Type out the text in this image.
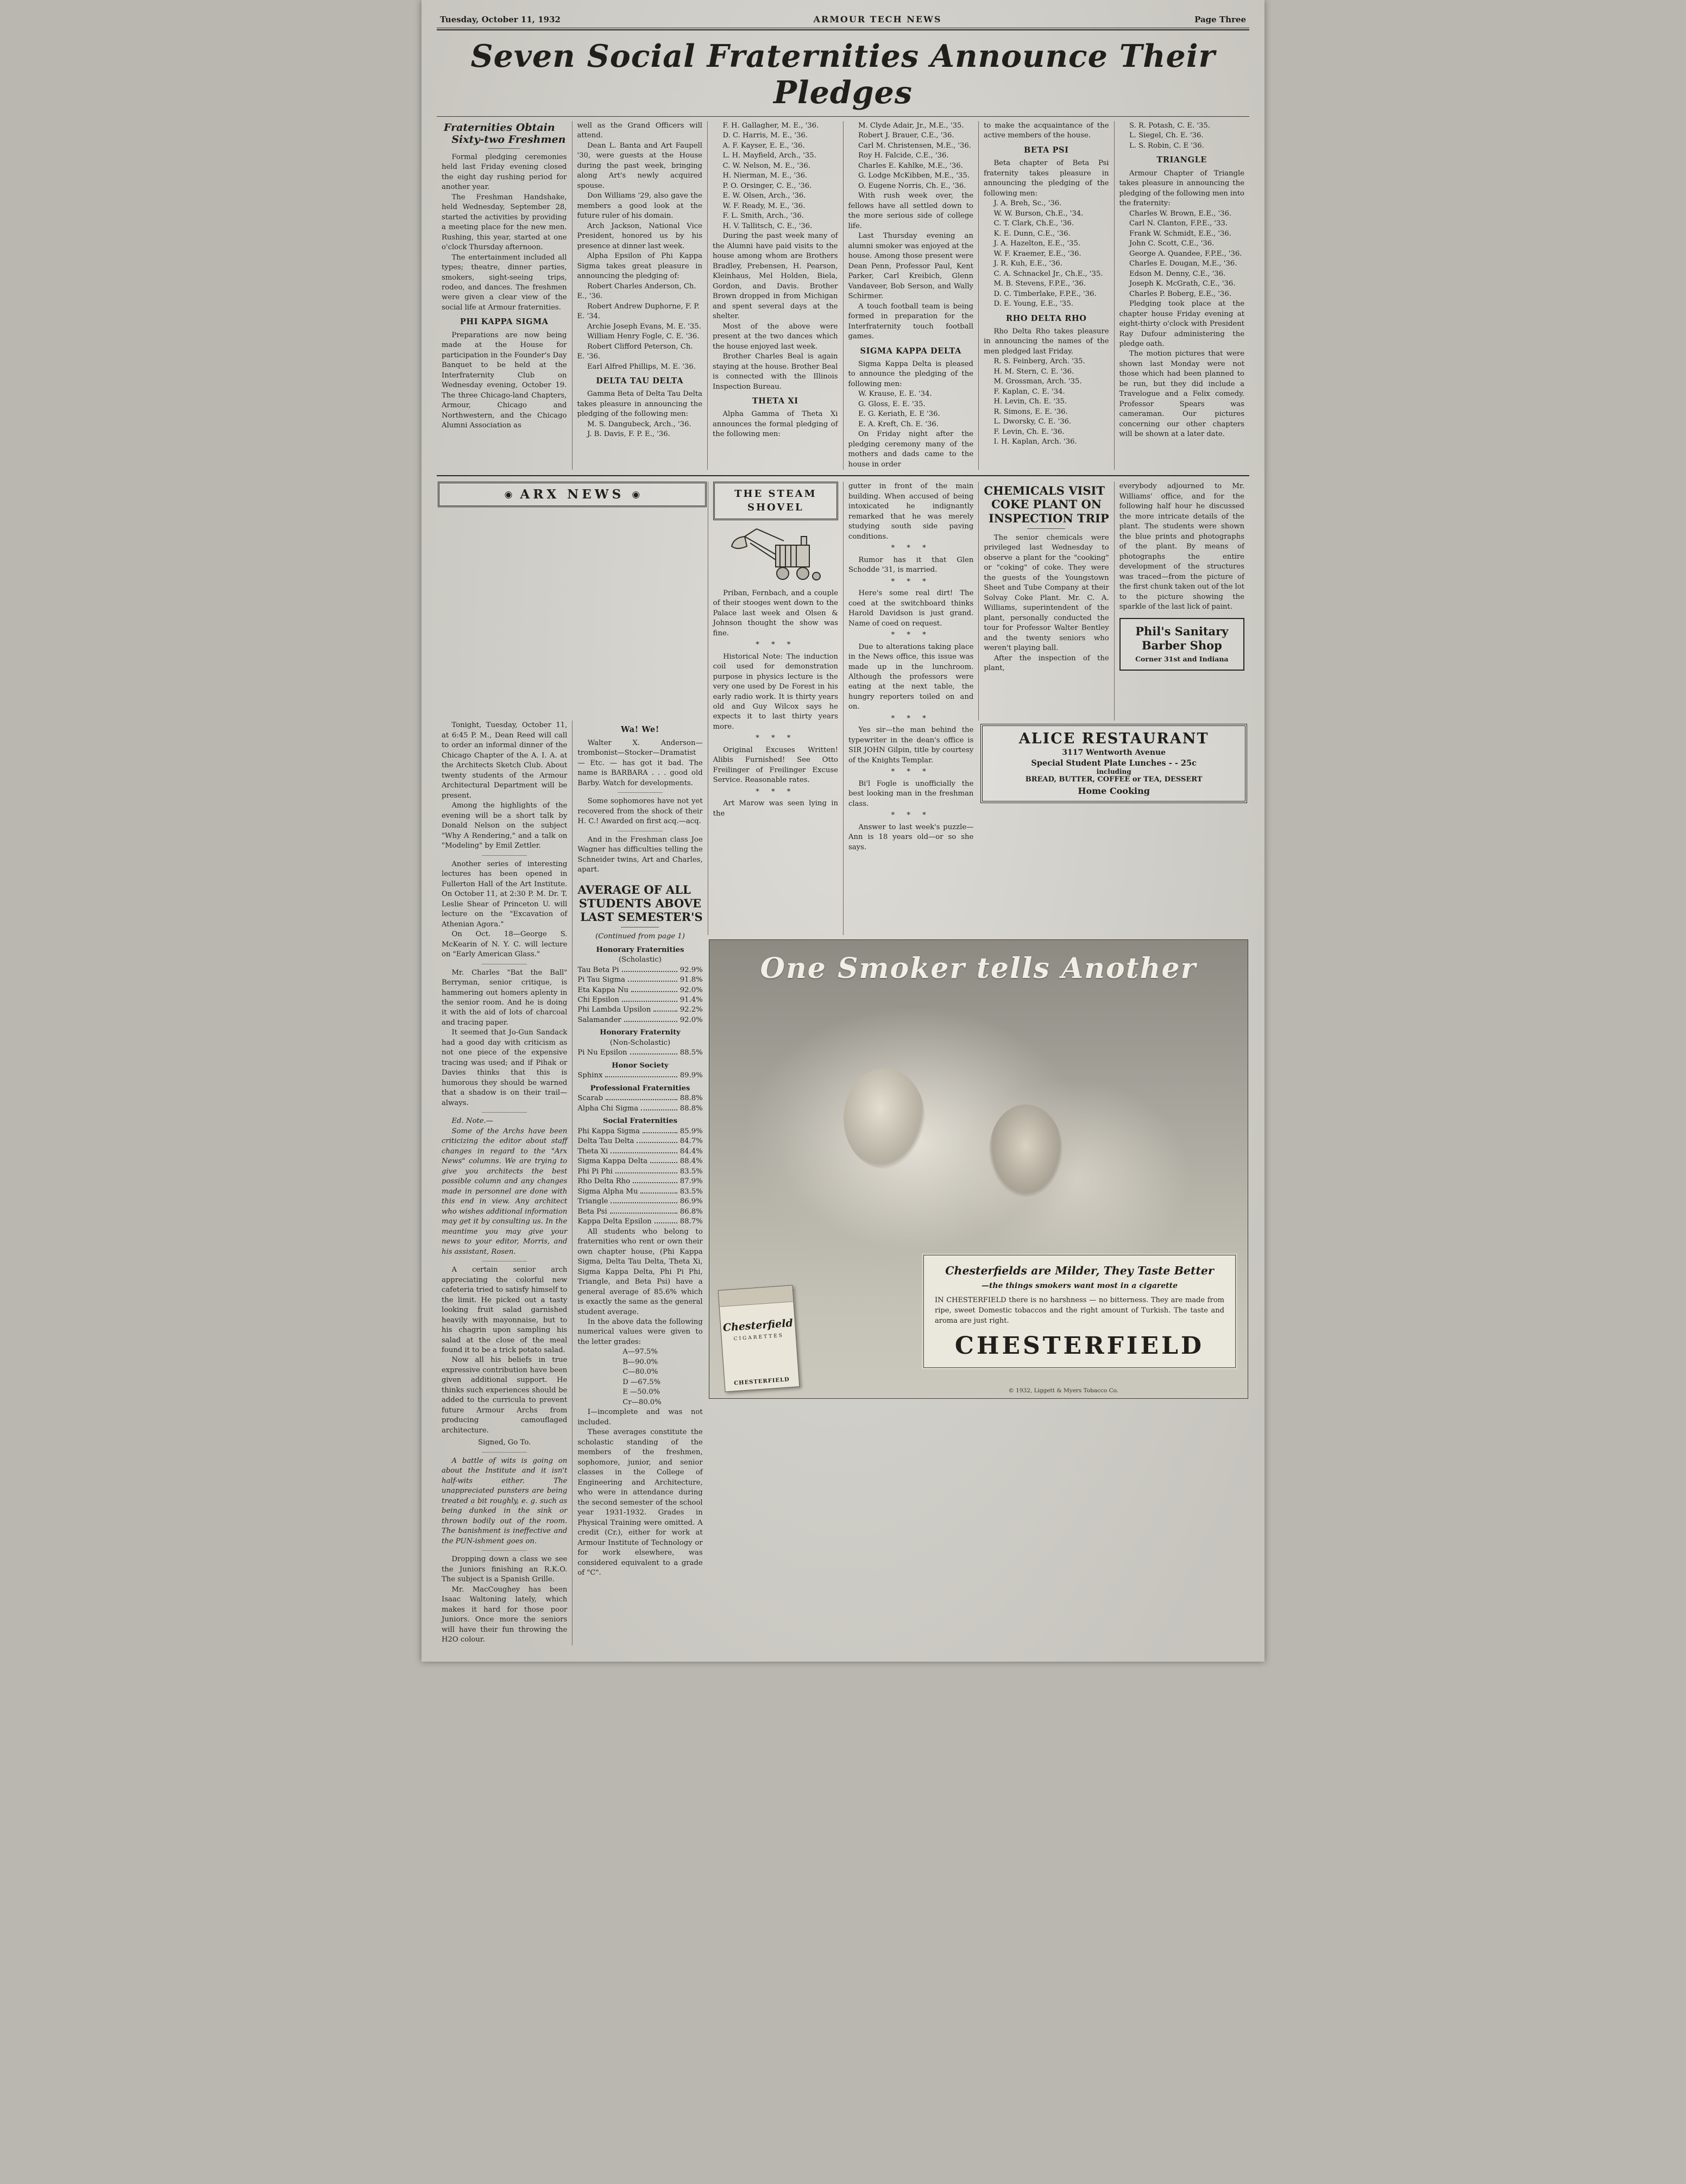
Tuesday, October 11, 1932	ARMOUR TECH NEWS	Page Three
Seven Social Fraternities Announce Their Pledges
Fraternities Obtain
Sixty-two Freshmen

Formal pledging ceremonies held last Friday evening closed the eight day rushing period for another year.

The Freshman Handshake, held Wednesday, September 28, started the activities by providing a meeting place for the new men. Rushing, this year, started at one o'clock Thursday afternoon.

The entertainment included all types; theatre, dinner parties, smokers, sight-seeing trips, rodeo, and dances. The freshmen were given a clear view of the social life at Armour fraternities.

PHI KAPPA SIGMA

Preparations are now being made at the House for participation in the Founder's Day Banquet to be held at the Interfraternity Club on Wednesday evening, October 19. The three Chicago-land Chapters, Armour, Chicago and Northwestern, and the Chicago Alumni Association as

well as the Grand Officers will attend.

Dean L. Banta and Art Faupell '30, were guests at the House during the past week, bringing along Art's newly acquired spouse.

Don Williams '29, also gave the members a good look at the future ruler of his domain.

Arch Jackson, National Vice President, honored us by his presence at dinner last week.

Alpha Epsilon of Phi Kappa Sigma takes great pleasure in announcing the pledging of:

Robert Charles Anderson, Ch. E., '36.

Robert Andrew Duphorne, F. P. E. '34.

Archie Joseph Evans, M. E. '35.

William Henry Fogle, C. E. '36.

Robert Clifford Peterson, Ch. E. '36.

Earl Alfred Phillips, M. E. '36.

DELTA TAU DELTA

Gamma Beta of Delta Tau Delta takes pleasure in announcing the pledging of the following men:

M. S. Dangubeck, Arch., '36.

J. B. Davis, F. P. E., '36.

F. H. Gallagher, M. E., '36.

D. C. Harris, M. E., '36.

A. F. Kayser, E. E., '36.

L. H. Mayfield, Arch., '35.

C. W. Nelson, M. E., '36.

H. Nierman, M. E., '36.

P. O. Orsinger, C. E., '36.

E. W. Olsen, Arch., '36.

W. F. Ready, M. E., '36.

F. L. Smith, Arch., '36.

H. V. Tallitsch, C. E., '36.

During the past week many of the Alumni have paid visits to the house among whom are Brothers Bradley, Prebensen, H. Pearson, Kleinhaus, Mel Holden, Biela, Gordon, and Davis. Brother Brown dropped in from Michigan and spent several days at the shelter.

Most of the above were present at the two dances which the house enjoyed last week.

Brother Charles Beal is again staying at the house. Brother Beal is connected with the Illinois Inspection Bureau.

THETA XI

Alpha Gamma of Theta Xi announces the formal pledging of the following men:

M. Clyde Adair, Jr., M.E., '35.

Robert J. Brauer, C.E., '36.

Carl M. Christensen, M.E., '36.

Roy H. Falcide, C.E., '36.

Charles E. Kahlke, M.E., '36.

G. Lodge McKibben, M.E., '35.

O. Eugene Norris, Ch. E., '36.

With rush week over, the fellows have all settled down to the more serious side of college life.

Last Thursday evening an alumni smoker was enjoyed at the house. Among those present were Dean Penn, Professor Paul, Kent Parker, Carl Kreibich, Glenn Vandaveer, Bob Serson, and Wally Schirmer.

A touch football team is being formed in preparation for the Interfraternity touch football games.

SIGMA KAPPA DELTA

Sigma Kappa Delta is pleased to announce the pledging of the following men:

W. Krause, E. E. '34.

G. Gloss, E. E. '35.

E. G. Keriath, E. E '36.

E. A. Kreft, Ch. E. '36.

On Friday night after the pledging ceremony many of the mothers and dads came to the house in order

to make the acquaintance of the active members of the house.

BETA PSI

Beta chapter of Beta Psi fraternity takes pleasure in announcing the pledging of the following men:

J. A. Breh, Sc., '36.

W. W. Burson, Ch.E., '34.

C. T. Clark, Ch.E., '36.

K. E. Dunn, C.E., '36.

J. A. Hazelton, E.E., '35.

W. F. Kraemer, E.E., '36.

J. R. Kuh, E.E., '36.

C. A. Schnackel Jr., Ch.E., '35.

M. B. Stevens, F.P.E., '36.

D. C. Timberlake, F.P.E., '36.

D. E. Young, E.E., '35.

RHO DELTA RHO

Rho Delta Rho takes pleasure in announcing the names of the men pledged last Friday.

R. S. Feinberg, Arch. '35.

H. M. Stern, C. E. '36.

M. Grossman, Arch. '35.

F. Kaplan, C. E. '34.

H. Levin, Ch. E. '35.

R. Simons, E. E. '36.

L. Dworsky, C. E. '36.

F. Levin, Ch. E. '36.

I. H. Kaplan, Arch. '36.

S. R. Potash, C. E. '35.

L. Siegel, Ch. E. '36.

L. S. Robin, C. E '36.

TRIANGLE

Armour Chapter of Triangle takes pleasure in announcing the pledging of the following men into the fraternity:

Charles W. Brown, E.E., '36.

Carl N. Clanton, F.P.E., '33.

Frank W. Schmidt, E.E., '36.

John C. Scott, C.E., '36.

George A. Quandee, F.P.E., '36.

Charles E. Dougan, M.E., '36.

Edson M. Denny, C.E., '36.

Joseph K. McGrath, C.E., '36.

Charles P. Boberg, E.E., '36.

Pledging took place at the chapter house Friday evening at eight-thirty o'clock with President Ray Dufour administering the pledge oath.

The motion pictures that were shown last Monday were not those which had been planned to be run, but they did include a Travelogue and a Felix comedy. Professor Spears was cameraman. Our pictures concerning our other chapters will be shown at a later date.

◉ ARX NEWS ◉

Tonight, Tuesday, October 11, at 6:45 P. M., Dean Reed will call to order an informal dinner of the Chicago Chapter of the A. I. A. at the Architects Sketch Club. About twenty students of the Armour Architectural Department will be present.

Among the highlights of the evening will be a short talk by Donald Nelson on the subject "Why A Rendering," and a talk on "Modeling" by Emil Zettler.

Another series of interesting lectures has been opened in Fullerton Hall of the Art Institute. On October 11, at 2:30 P. M. Dr. T. Leslie Shear of Princeton U. will lecture on the "Excavation of Athenian Agora."

On Oct. 18—George S. McKearin of N. Y. C. will lecture on "Early American Glass."

Mr. Charles "Bat the Ball" Berryman, senior critique, is hammering out homers aplenty in the senior room. And he is doing it with the aid of lots of charcoal and tracing paper.

It seemed that Jo-Gun Sandack had a good day with criticism as not one piece of the expensive tracing was used; and if Pihak or Davies thinks that this is humorous they should be warned that a shadow is on their trail—always.

Ed. Note.—

Some of the Archs have been criticizing the editor about staff changes in regard to the "Arx News" columns. We are trying to give you architects the best possible column and any changes made in personnel are done with this end in view. Any architect who wishes additional information may get it by consulting us. In the meantime you may give your news to your editor, Morris, and his assistant, Rosen.

A certain senior arch appreciating the colorful new cafeteria tried to satisfy himself to the limit. He picked out a tasty looking fruit salad garnished heavily with mayonnaise, but to his chagrin upon sampling his salad at the close of the meal found it to be a trick potato salad.

Now all his beliefs in true expressive contribution have been given additional support. He thinks such experiences should be added to the curricula to prevent future Armour Archs from producing camouflaged architecture.

Signed, Go To.

A battle of wits is going on about the Institute and it isn't half-wits either. The unappreciated punsters are being treated a bit roughly, e. g. such as being dunked in the sink or thrown bodily out of the room. The banishment is ineffective and the PUN-ishment goes on.

Dropping down a class we see the Juniors finishing an R.K.O. The subject is a Spanish Grille.

Mr. MacCoughey has been Isaac Waltoning lately, which makes it hard for those poor Juniors. Once more the seniors will have their fun throwing the H2O colour.

Wa! We!

Walter X. Anderson—trombonist—Stocker—Dramatist — Etc. — has got it bad. The name is BARBARA . . . good old Barby. Watch for developments.

Some sophomores have not yet recovered from the shock of their H. C.! Awarded on first acq.—acq.

And in the Freshman class Joe Wagner has difficulties telling the Schneider twins, Art and Charles, apart.

AVERAGE OF ALL
STUDENTS ABOVE
LAST SEMESTER'S

(Continued from page 1)

Honorary Fraternities

(Scholastic)

Tau Beta Pi	92.9%
Pi Tau Sigma	91.8%
Eta Kappa Nu	92.0%
Chi Epsilon	91.4%
Phi Lambda Upsilon	92.2%
Salamander	92.0%

Honorary Fraternity

(Non-Scholastic)

Pi Nu Epsilon	88.5%

Honor Society

Sphinx	89.9%

Professional Fraternities

Scarab	88.8%
Alpha Chi Sigma	88.8%

Social Fraternities

Phi Kappa Sigma	85.9%
Delta Tau Delta	84.7%
Theta Xi	84.4%
Sigma Kappa Delta	88.4%
Phi Pi Phi	83.5%
Rho Delta Rho	87.9%
Sigma Alpha Mu	83.5%
Triangle	86.9%
Beta Psi	86.8%
Kappa Delta Epsilon	88.7%

All students who belong to fraternities who rent or own their own chapter house, (Phi Kappa Sigma, Delta Tau Delta, Theta Xi, Sigma Kappa Delta, Phi Pi Phi, Triangle, and Beta Psi) have a general average of 85.6% which is exactly the same as the general student average.

In the above data the following numerical values were given to the letter grades:

A—97.5%

B—90.0%

C—80.0%

D —67.5%

E —50.0%

Cr—80.0%

I—incomplete and was not included.

These averages constitute the scholastic standing of the members of the freshmen, sophomore, junior, and senior classes in the College of Engineering and Architecture, who were in attendance during the second semester of the school year 1931-1932. Grades in Physical Training were omitted. A credit (Cr.), either for work at Armour Institute of Technology or for work elsewhere, was considered equivalent to a grade of "C".

THE STEAM SHOVEL

Priban, Fernbach, and a couple of their stooges went down to the Palace last week and Olsen & Johnson thought the show was fine.

* * *

Historical Note: The induction coil used for demonstration purpose in physics lecture is the very one used by De Forest in his early radio work. It is thirty years old and Guy Wilcox says he expects it to last thirty years more.

* * *

Original Excuses Written! Alibis Furnished! See Otto Freilinger of Freilinger Excuse Service. Reasonable rates.

* * *

Art Marow was seen lying in the

gutter in front of the main building. When accused of being intoxicated he indignantly remarked that he was merely studying south side paving conditions.

* * *

Rumor has it that Glen Schodde '31, is married.

* * *

Here's some real dirt! The coed at the switchboard thinks Harold Davidson is just grand. Name of coed on request.

* * *

Due to alterations taking place in the News office, this issue was made up in the lunchroom. Although the professors were eating at the next table, the hungry reporters toiled on and on.

* * *

Yes sir—the man behind the typewriter in the dean's office is SIR JOHN Gilpin, title by courtesy of the Knights Templar.

* * *

Bi'l Fogle is unofficially the best looking man in the freshman class.

* * *

Answer to last week's puzzle—Ann is 18 years old—or so she says.

CHEMICALS VISIT
COKE PLANT ON
INSPECTION TRIP

The senior chemicals were privileged last Wednesday to observe a plant for the "cooking" or "coking" of coke. They were the guests of the Youngstown Sheet and Tube Company at their Solvay Coke Plant. Mr. C. A. Williams, superintendent of the plant, personally conducted the tour for Professor Walter Bentley and the twenty seniors who weren't playing ball.

After the inspection of the plant,

everybody adjourned to Mr. Williams' office, and for the following half hour he discussed the more intricate details of the plant. The students were shown the blue prints and photographs of the plant. By means of photographs the entire development of the structures was traced—from the picture of the first chunk taken out of the lot to the picture showing the sparkle of the last lick of paint.

Phil's Sanitary
Barber Shop
Corner 31st and Indiana
ALICE RESTAURANT
3117 Wentworth Avenue
Special Student Plate Lunches - - 25c
including
BREAD, BUTTER, COFFEE or TEA, DESSERT
Home Cooking
One Smoker tells Another
Chesterfield
CIGARETTES
CHESTERFIELD
Chesterfields are Milder, They Taste Better
—the things smokers want most in a cigarette
IN CHESTERFIELD there is no harshness — no bitterness. They are made from ripe, sweet Domestic tobaccos and the right amount of Turkish. The taste and aroma are just right.
CHESTERFIELD
© 1932, Liggett & Myers Tobacco Co.
